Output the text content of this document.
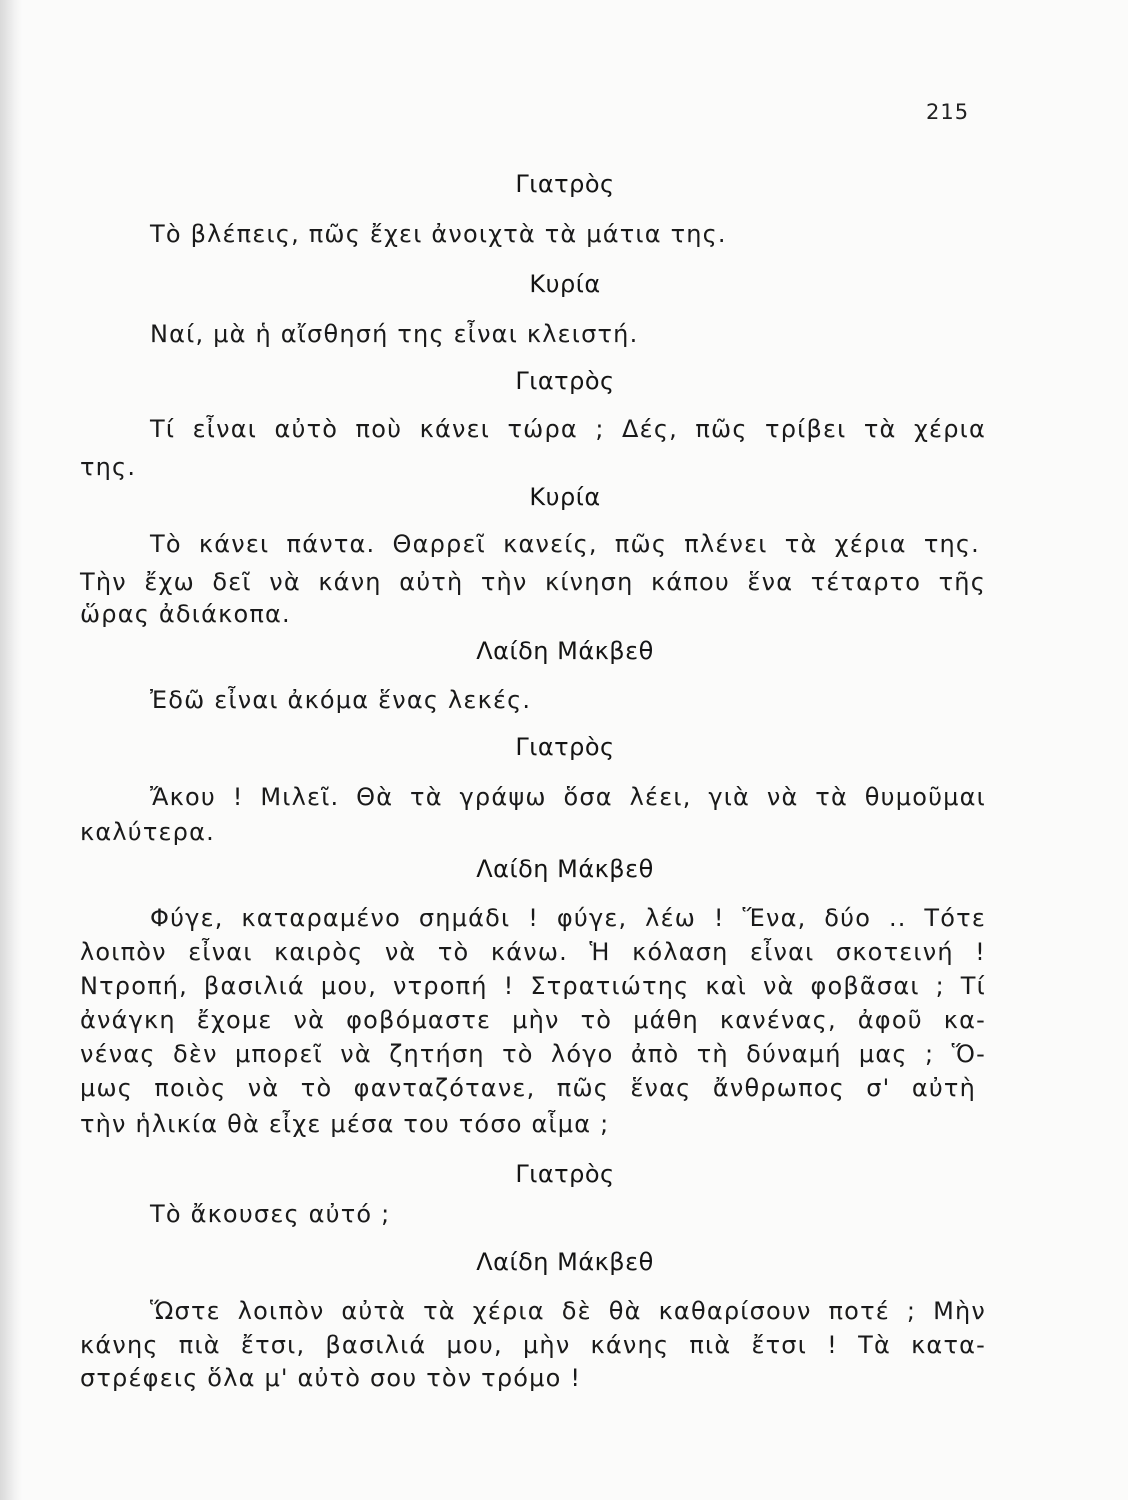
215
Γιατρὸς
Τὸ βλέπεις, πῶς ἔχει ἀνοιχτὰ τὰ μάτια της.
Κυρία
Ναί, μὰ ἡ αἴσθησή της εἶναι κλειστή.
Γιατρὸς
Τί εἶναι αὐτὸ ποὺ κάνει τώρα ; Δές, πῶς τρίβει τὰ χέρια
της.
Κυρία
Τὸ κάνει πάντα. Θαρρεῖ κανείς, πῶς πλένει τὰ χέρια της.
Τὴν ἔχω δεῖ νὰ κάνη αὐτὴ τὴν κίνηση κάπου ἕνα τέταρτο τῆς
ὥρας ἀδιάκοπα.
Λαίδη Μάκβεθ
Ἐδῶ εἶναι ἀκόμα ἕνας λεκές.
Γιατρὸς
Ἄκου ! Μιλεῖ. Θὰ τὰ γράψω ὅσα λέει, γιὰ νὰ τὰ θυμοῦμαι
καλύτερα.
Λαίδη Μάκβεθ
Φύγε, καταραμένο σημάδι ! φύγε, λέω ! Ἕνα, δύο .. Τότε
λοιπὸν εἶναι καιρὸς νὰ τὸ κάνω. Ἡ κόλαση εἶναι σκοτεινή !
Ντροπή, βασιλιά μου, ντροπή ! Στρατιώτης καὶ νὰ φοβᾶσαι ; Τί
ἀνάγκη ἔχομε νὰ φοβόμαστε μὴν τὸ μάθη κανένας, ἀφοῦ κα-
νένας δὲν μπορεῖ νὰ ζητήση τὸ λόγο ἀπὸ τὴ δύναμή μας ; Ὅ-
μως ποιὸς νὰ τὸ φανταζότανε, πῶς ἕνας ἄνθρωπος σ' αὐτὴ
τὴν ἡλικία θὰ εἶχε μέσα του τόσο αἷμα ;
Γιατρὸς
Τὸ ἄκουσες αὐτό ;
Λαίδη Μάκβεθ
Ὥστε λοιπὸν αὐτὰ τὰ χέρια δὲ θὰ καθαρίσουν ποτέ ; Μὴν
κάνης πιὰ ἔτσι, βασιλιά μου, μὴν κάνης πιὰ ἔτσι ! Τὰ κατα-
στρέφεις ὅλα μ' αὐτὸ σου τὸν τρόμο !
